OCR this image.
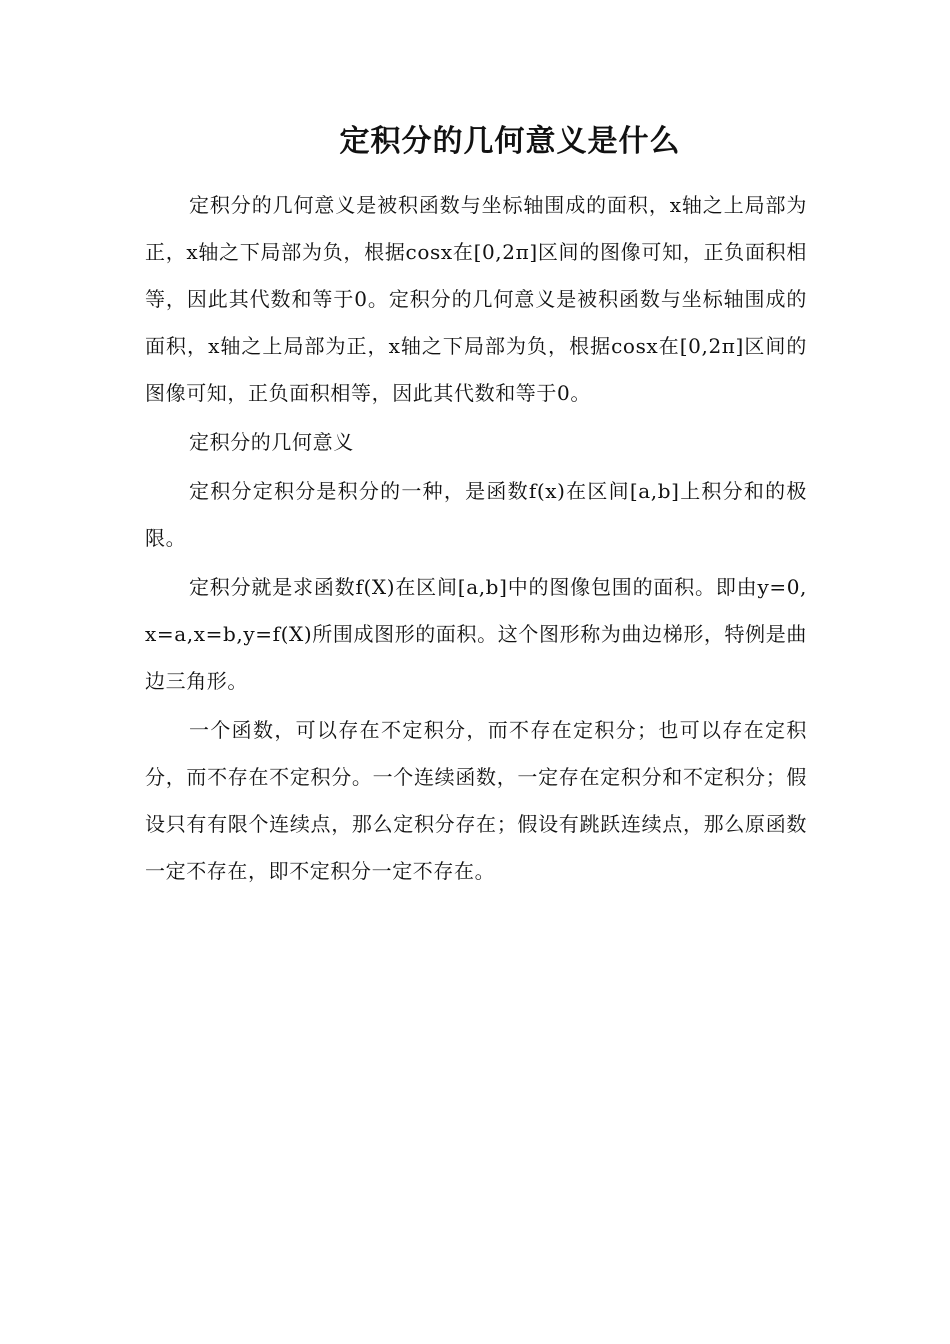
定积分的几何意义是什么

定积分的几何意义是被积函数与坐标轴围成的面积，x轴之上局部为正，x轴之下局部为负，根据cosx在[0,2π]区间的图像可知，正负面积相等，因此其代数和等于0。定积分的几何意义是被积函数与坐标轴围成的面积，x轴之上局部为正，x轴之下局部为负，根据cosx在[0,2π]区间的图像可知，正负面积相等，因此其代数和等于0。

定积分的几何意义

定积分定积分是积分的一种，是函数f(x)在区间[a,b]上积分和的极限。

定积分就是求函数f(X)在区间[a,b]中的图像包围的面积。即由y=0,x=a,x=b,y=f(X)所围成图形的面积。这个图形称为曲边梯形，特例是曲边三角形。

一个函数，可以存在不定积分，而不存在定积分；也可以存在定积分，而不存在不定积分。一个连续函数，一定存在定积分和不定积分；假设只有有限个连续点，那么定积分存在；假设有跳跃连续点，那么原函数一定不存在，即不定积分一定不存在。
